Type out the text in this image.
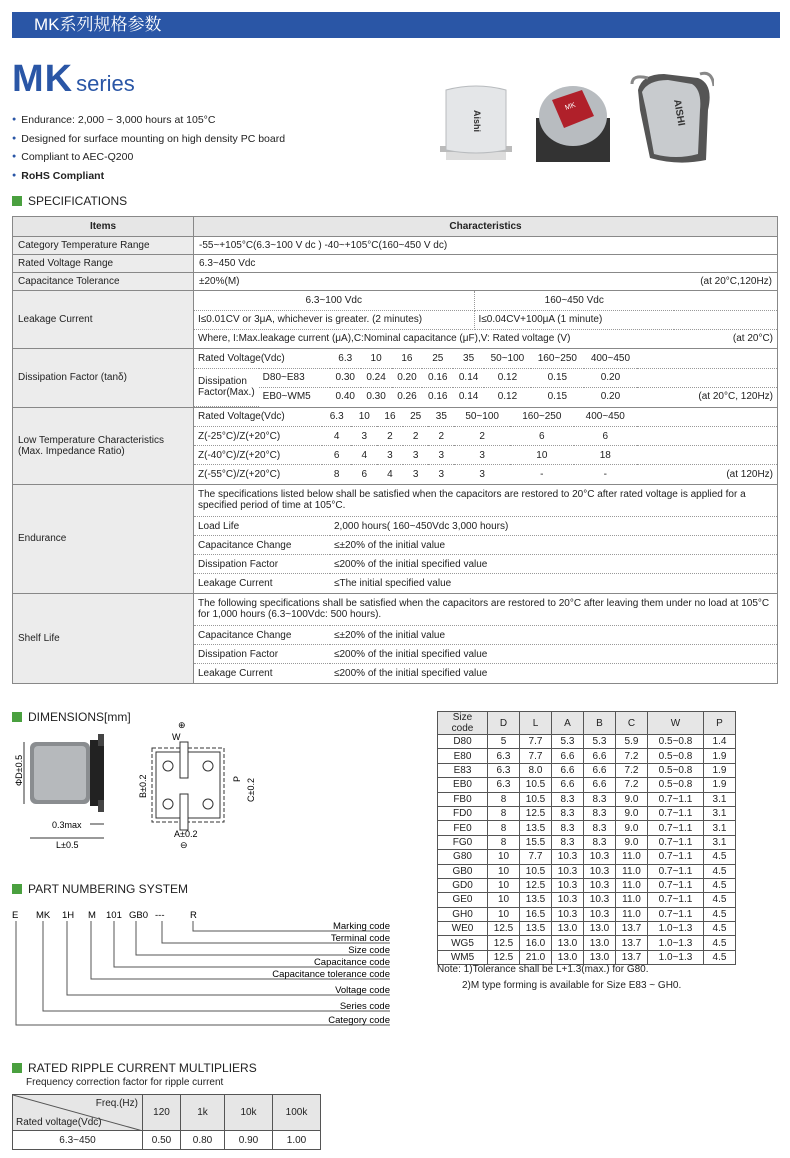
MK系列规格参数
MK series
● Endurance: 2,000 ~ 3,000 hours at 105°C
● Designed for surface mounting on high density PC board
● Compliant to AEC-Q200
● RoHS Compliant
Aishi
MK	AISHI
SPECIFICATIONS
Items	Characteristics
Category Temperature Range	-55~+105°C(6.3~100 V dc ) -40~+105°C(160~450 V dc)
Rated Voltage Range	6.3~450 Vdc
Capacitance Tolerance	±20%(M)	(at 20°C,120Hz)

Leakage Current	
6.3~100 Vdc	160~450 Vdc	
I≤0.01CV or 3μA, whichever is greater. (2 minutes)	I≤0.04CV+100μA (1 minute)	
Where, I:Max.leakage current (μA),C:Nominal capacitance (μF),V: Rated voltage (V)	(at 20°C)

Dissipation Factor (tanδ)	
Rated Voltage(Vdc)	6.3	10	16	25	35	50~100	160~250	400~450	
Dissipation Factor(Max.)	D80~E83	0.30	0.24	0.20	0.16	0.14	0.12	0.15	0.20	
EB0~WM5	0.40	0.30	0.26	0.16	0.14	0.12	0.15	0.20	(at 20°C, 120Hz)

Low Temperature Characteristics (Max. Impedance Ratio)	
Rated Voltage(Vdc)	6.3	10	16	25	35	50~100	160~250	400~450	
Z(-25°C)/Z(+20°C)	4	3	2	2	2	2	6	6	
Z(-40°C)/Z(+20°C)	6	4	3	3	3	3	10	18	
Z(-55°C)/Z(+20°C)	8	6	4	3	3	3	-	-	(at 120Hz)

Endurance	
The specifications listed below shall be satisfied when the capacitors are restored to 20°C after rated voltage is applied for a specified period of time at 105°C.
Load Life	2,000 hours( 160~450Vdc 3,000 hours)
Capacitance Change	≤±20% of the initial value
Dissipation Factor	≤200% of the initial specified value
Leakage Current	≤The initial specified value

Shelf Life	
The following specifications shall be satisfied when the capacitors are restored to 20°C after leaving them under no load at 105°C for 1,000 hours (6.3~100Vdc: 500 hours).
Capacitance Change	≤±20% of the initial value
Dissipation Factor	≤200% of the initial specified value
Leakage Current	≤200% of the initial specified value
DIMENSIONS[mm]
ΦD±0.5
0.3max
L±0.5
⊕
W
B±0.2	P C±0.2
A±0.2
⊖
Size code	D	L	A	B	C	W	P
D80	5	7.7	5.3	5.3	5.9	0.5~0.8	1.4
E80	6.3	7.7	6.6	6.6	7.2	0.5~0.8	1.9
E83	6.3	8.0	6.6	6.6	7.2	0.5~0.8	1.9
EB0	6.3	10.5	6.6	6.6	7.2	0.5~0.8	1.9
FB0	8	10.5	8.3	8.3	9.0	0.7~1.1	3.1
FD0	8	12.5	8.3	8.3	9.0	0.7~1.1	3.1
FE0	8	13.5	8.3	8.3	9.0	0.7~1.1	3.1
FG0	8	15.5	8.3	8.3	9.0	0.7~1.1	3.1
G80	10	7.7	10.3	10.3	11.0	0.7~1.1	4.5
GB0	10	10.5	10.3	10.3	11.0	0.7~1.1	4.5
GD0	10	12.5	10.3	10.3	11.0	0.7~1.1	4.5
GE0	10	13.5	10.3	10.3	11.0	0.7~1.1	4.5
GH0	10	16.5	10.3	10.3	11.0	0.7~1.1	4.5
WE0	12.5	13.5	13.0	13.0	13.7	1.0~1.3	4.5
WG5	12.5	16.0	13.0	13.0	13.7	1.0~1.3	4.5
WM5	12.5	21.0	13.0	13.0	13.7	1.0~1.3	4.5
Note: 1)Tolerance shall be L+1.3(max.) for G80.
2)M type forming is available for Size E83 ~ GH0.
PART NUMBERING SYSTEM
E MK 1H M 101 GB0 ---	R
Marking code
Terminal code
Size code
Capacitance code
Capacitance tolerance code
Voltage code
Series code
Category code
RATED RIPPLE CURRENT MULTIPLIERS
Frequency correction factor for ripple current
Freq.(Hz)
Rated voltage(Vdc)	120	1k	10k	100k
6.3~450	0.50	0.80	0.90	1.00
